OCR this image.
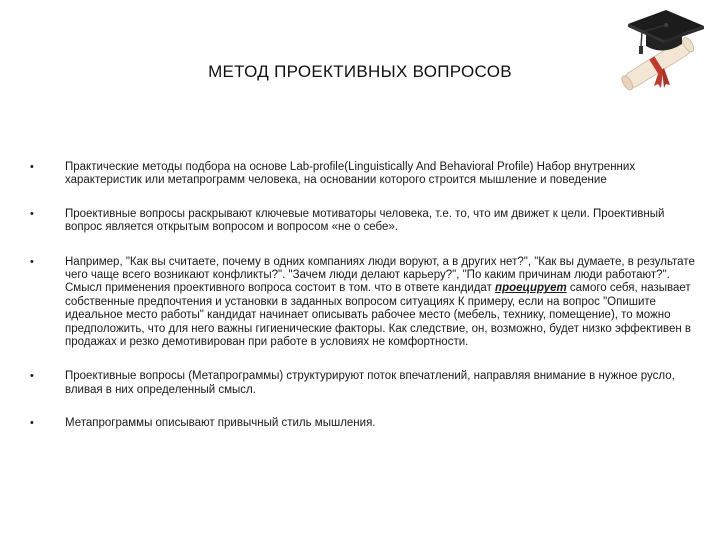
МЕТОД ПРОЕКТИВНЫХ ВОПРОСОВ
•	Практические методы подбора на основе Lab-profile(Linguistically And Behavioral Profile) Набор внутренних характеристик или метапрограмм человека, на основании которого строится мышление и поведение
•	Проективные вопросы раскрывают ключевые мотиваторы человека, т.е. то, что им движет к цели. Проективный вопрос является открытым вопросом и вопросом «не о себе».
•	Например, "Как вы считаете, почему в одних компаниях люди воруют, а в других нет?", "Как вы думаете, в результате чего чаще всего возникают конфликты?". "Зачем люди делают карьеру?", "По каким причинам люди работают?". Смысл применения проективного вопроса состоит в том. что в ответе кандидат проецирует самого себя, называет собственные предпочтения и установки в заданных вопросом ситуациях К примеру, если на вопрос "Опишите идеальное место работы" кандидат начинает описывать рабочее место (мебель, технику, помещение), то можно предположить, что для него важны гигиенические факторы. Как следствие, он, возможно, будет низко эффективен в продажах и резко демотивирован при работе в условиях не комфортности.
•	Проективные вопросы (Метапрограммы) структурируют поток впечатлений, направляя внимание в нужное русло, вливая в них определенный смысл.
•	Метапрограммы описывают привычный стиль мышления.
